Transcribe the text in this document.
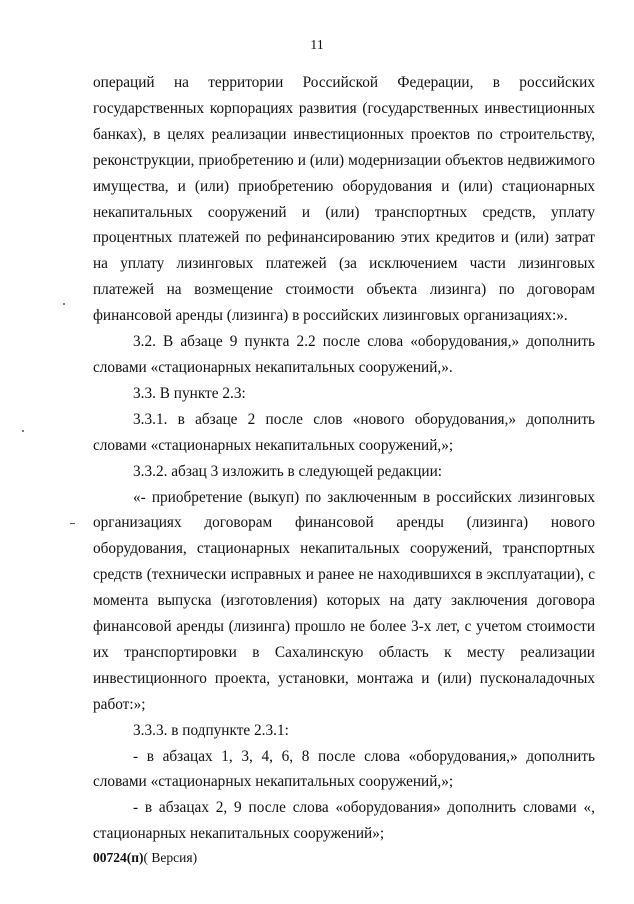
11

операций на территории Российской Федерации, в российских государственных корпорациях развития (государственных инвестиционных банках), в целях реализации инвестиционных проектов по строительству, реконструкции, приобретению и (или) модернизации объектов недвижимого имущества, и (или) приобретению оборудования и (или) стационарных некапитальных сооружений и (или) транспортных средств, уплату процентных платежей по рефинансированию этих кредитов и (или) затрат на уплату лизинговых платежей (за исключением части лизинговых платежей на возмещение стоимости объекта лизинга) по договорам финансовой аренды (лизинга) в российских лизинговых организациях:».

3.2. В абзаце 9 пункта 2.2 после слова «оборудования,» дополнить словами «стационарных некапитальных сооружений,».

3.3. В пункте 2.3:

3.3.1. в абзаце 2 после слов «нового оборудования,» дополнить словами «стационарных некапитальных сооружений,»;

3.3.2. абзац 3 изложить в следующей редакции:

«- приобретение (выкуп) по заключенным в российских лизинговых организациях договорам финансовой аренды (лизинга) нового оборудования, стационарных некапитальных сооружений, транспортных средств (технически исправных и ранее не находившихся в эксплуатации), с момента выпуска (изготовления) которых на дату заключения договора финансовой аренды (лизинга) прошло не более 3-х лет, с учетом стоимости их транспортировки в Сахалинскую область к месту реализации инвестиционного проекта, установки, монтажа и (или) пусконаладочных работ:»;

3.3.3. в подпункте 2.3.1:

- в абзацах 1, 3, 4, 6, 8 после слова «оборудования,» дополнить словами «стационарных некапитальных сооружений,»;

- в абзацах 2, 9 после слова «оборудования» дополнить словами «, стационарных некапитальных сооружений»;

00724(п)( Версия)
